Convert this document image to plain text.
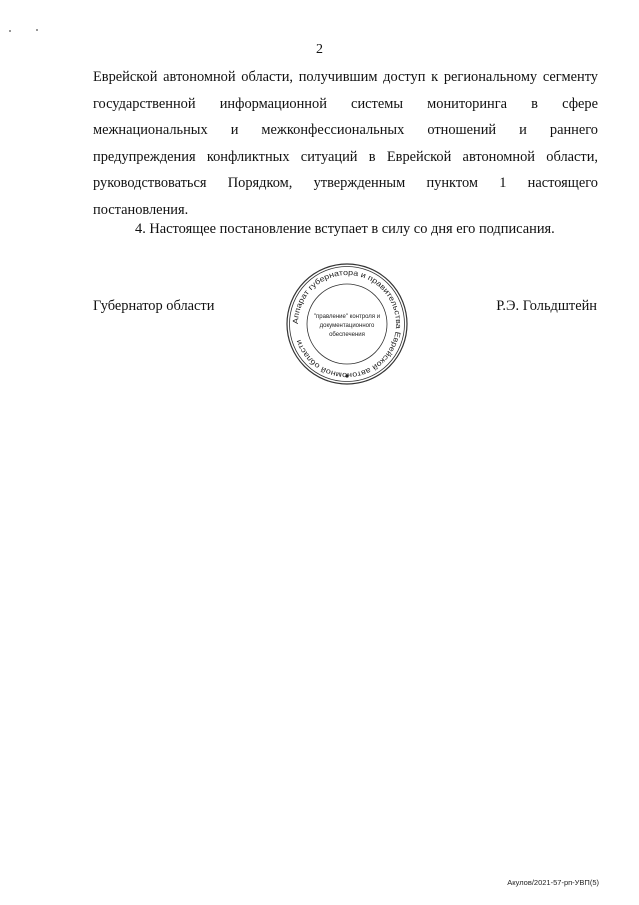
2
Еврейской автономной области, получившим доступ к региональному сегменту
государственной информационной системы мониторинга в сфере
межнациональных и межконфессиональных отношений и раннего
предупреждения конфликтных ситуаций в Еврейской автономной области,
руководствоваться Порядком, утвержденным пунктом 1 настоящего
постановления.
4. Настоящее постановление вступает в силу со дня его подписания.
Губернатор области	Р.Э. Гольдштейн
Аппарат губернатора и правительства Еврейской автономной области
"правление" контроля и
документационного
обеспечения
Акулов/2021-57-рп-УВП(5)
